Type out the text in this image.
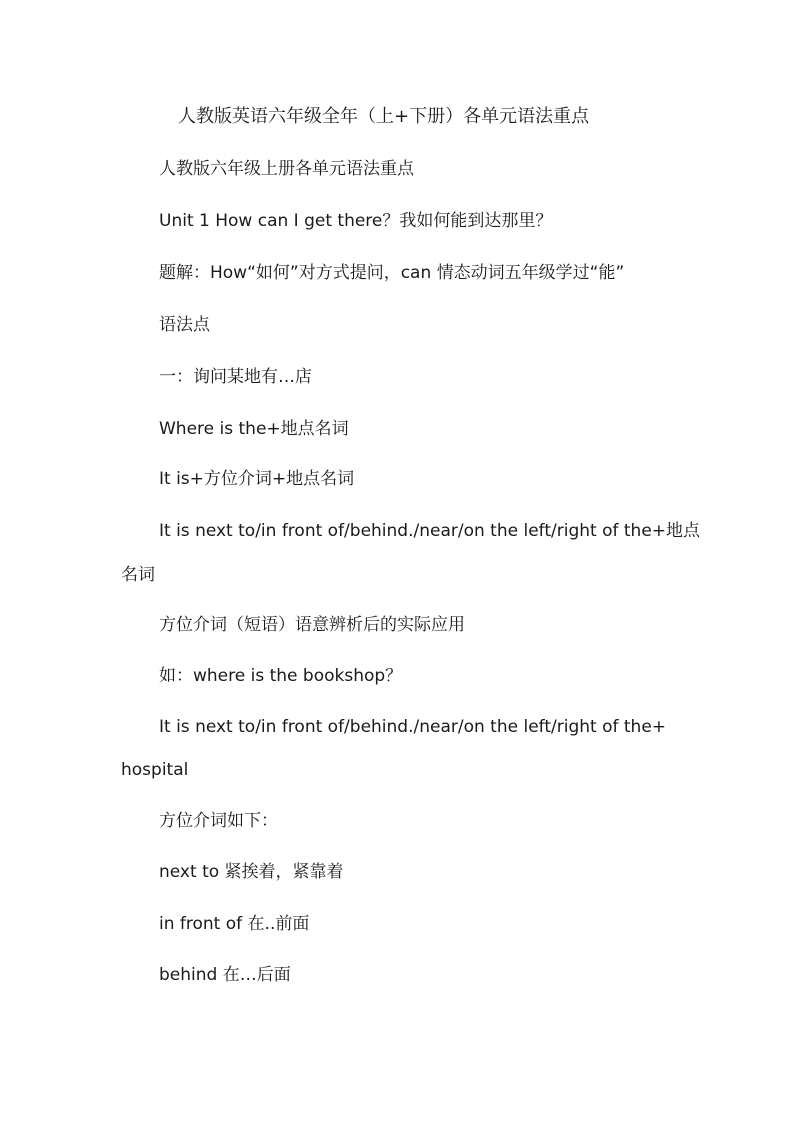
人教版英语六年级全年（上+下册）各单元语法重点
人教版六年级上册各单元语法重点
Unit 1 How can I get there？我如何能到达那里？
题解：How“如何”对方式提问，can 情态动词五年级学过“能”
语法点
一：询问某地有…店
Where is the+地点名词
It is+方位介词+地点名词
It is next to/in front of/behind./near/on the left/right of the+地点
名词
方位介词（短语）语意辨析后的实际应用
如：where is the bookshop？
It is next to/in front of/behind./near/on the left/right of the+
hospital
方位介词如下：
next to 紧挨着，紧靠着
in front of 在..前面
behind 在…后面
